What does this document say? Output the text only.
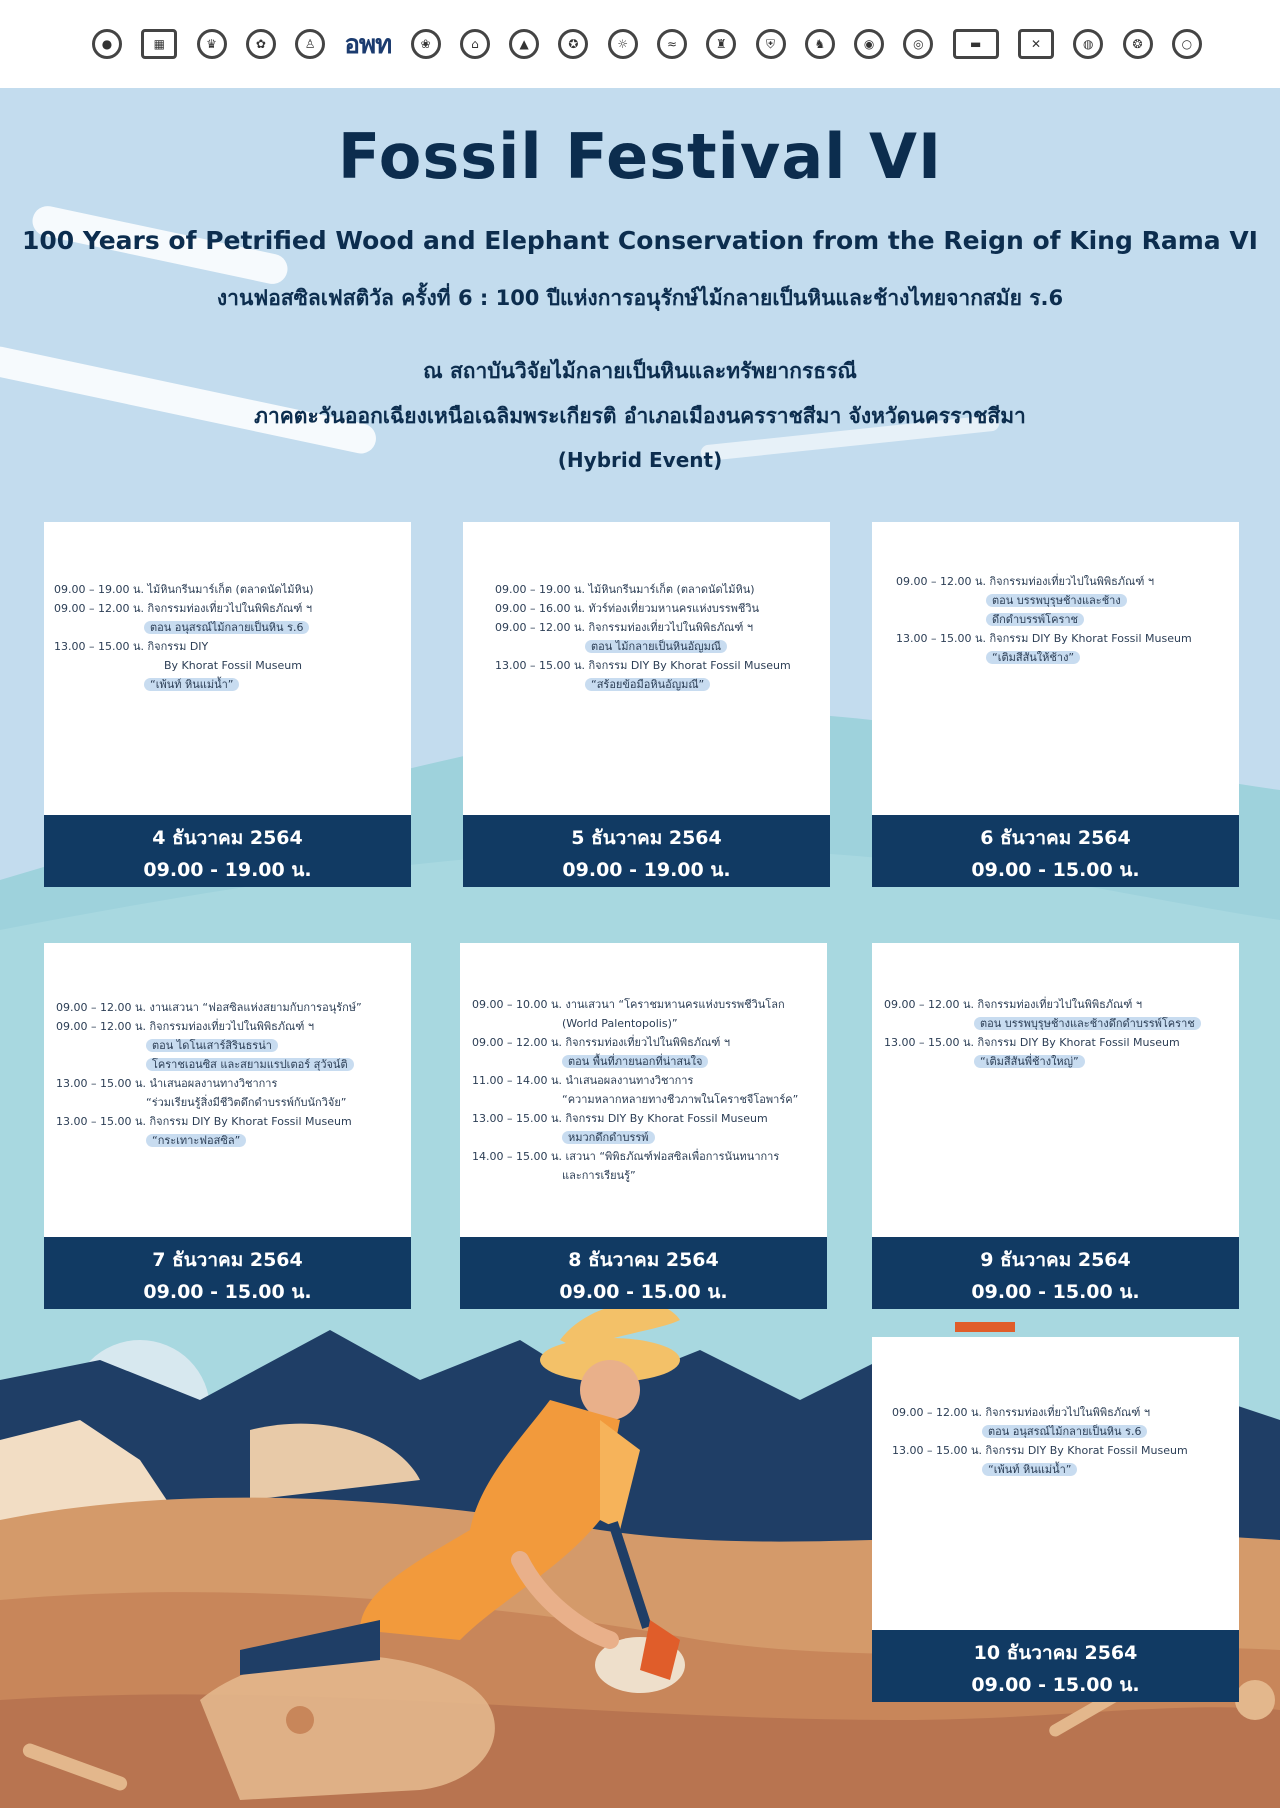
●	▦	♛	✿	♙	อพท	❀	⌂	▲	✪	☼	≈	♜	⛨	♞	◉	◎	▬	✕	◍	❂	○
Fossil Festival VI
100 Years of Petrified Wood and Elephant Conservation from the Reign of King Rama VI
งานฟอสซิลเฟสติวัล ครั้งที่ 6 : 100 ปีแห่งการอนุรักษ์ไม้กลายเป็นหินและช้างไทยจากสมัย ร.6
ณ สถาบันวิจัยไม้กลายเป็นหินและทรัพยากรธรณี
ภาคตะวันออกเฉียงเหนือเฉลิมพระเกียรติ อำเภอเมืองนครราชสีมา จังหวัดนครราชสีมา
(Hybrid Event)
09.00 – 19.00 น. ไม้หินกรีนมาร์เก็ต (ตลาดนัดไม้หิน)
09.00 – 12.00 น. กิจกรรมท่องเที่ยวไปในพิพิธภัณฑ์ ฯ
ตอน อนุสรณ์ไม้กลายเป็นหิน ร.6
13.00 – 15.00 น. กิจกรรม DIY
By Khorat Fossil Museum
“เพ้นท์ หินแม่น้ำ”
4 ธันวาคม 2564
09.00 - 19.00 น.
09.00 – 19.00 น. ไม้หินกรีนมาร์เก็ต (ตลาดนัดไม้หิน)
09.00 – 16.00 น. ทัวร์ท่องเที่ยวมหานครแห่งบรรพชีวิน
09.00 – 12.00 น. กิจกรรมท่องเที่ยวไปในพิพิธภัณฑ์ ฯ
ตอน ไม้กลายเป็นหินอัญมณี
13.00 – 15.00 น. กิจกรรม DIY By Khorat Fossil Museum
“สร้อยข้อมือหินอัญมณี”
5 ธันวาคม 2564
09.00 - 19.00 น.
09.00 – 12.00 น. กิจกรรมท่องเที่ยวไปในพิพิธภัณฑ์ ฯ
ตอน บรรพบุรุษช้างและช้าง
ดึกดำบรรพ์โคราช
13.00 – 15.00 น. กิจกรรม DIY By Khorat Fossil Museum
“เติมสีสันให้ช้าง”
6 ธันวาคม 2564
09.00 - 15.00 น.
09.00 – 12.00 น. งานเสวนา “ฟอสซิลแห่งสยามกับการอนุรักษ์”
09.00 – 12.00 น. กิจกรรมท่องเที่ยวไปในพิพิธภัณฑ์ ฯ
ตอน ไดโนเสาร์สิรินธรน่า
โคราชเอนซิส และสยามแรปเตอร์ สุวัจน์ติ
13.00 – 15.00 น. นำเสนอผลงานทางวิชาการ
“ร่วมเรียนรู้สิ่งมีชีวิตดึกดำบรรพ์กับนักวิจัย”
13.00 – 15.00 น. กิจกรรม DIY By Khorat Fossil Museum
“กระเทาะฟอสซิล”
7 ธันวาคม 2564
09.00 - 15.00 น.
09.00 – 10.00 น. งานเสวนา “โคราชมหานครแห่งบรรพชีวินโลก
(World Palentopolis)”
09.00 – 12.00 น. กิจกรรมท่องเที่ยวไปในพิพิธภัณฑ์ ฯ
ตอน พื้นที่ภายนอกที่น่าสนใจ
11.00 – 14.00 น. นำเสนอผลงานทางวิชาการ
“ความหลากหลายทางชีวภาพในโคราชจีโอพาร์ค”
13.00 – 15.00 น. กิจกรรม DIY By Khorat Fossil Museum
หมวกดึกดำบรรพ์
14.00 – 15.00 น. เสวนา “พิพิธภัณฑ์ฟอสซิลเพื่อการนันทนาการ
และการเรียนรู้”
8 ธันวาคม 2564
09.00 - 15.00 น.
09.00 – 12.00 น. กิจกรรมท่องเที่ยวไปในพิพิธภัณฑ์ ฯ
ตอน บรรพบุรุษช้างและช้างดึกดำบรรพ์โคราช
13.00 – 15.00 น. กิจกรรม DIY By Khorat Fossil Museum
“เติมสีสันพี่ช้างใหญ่”
9 ธันวาคม 2564
09.00 - 15.00 น.
09.00 – 12.00 น. กิจกรรมท่องเที่ยวไปในพิพิธภัณฑ์ ฯ
ตอน อนุสรณ์ไม้กลายเป็นหิน ร.6
13.00 – 15.00 น. กิจกรรม DIY By Khorat Fossil Museum
“เพ้นท์ หินแม่น้ำ”
10 ธันวาคม 2564
09.00 - 15.00 น.
